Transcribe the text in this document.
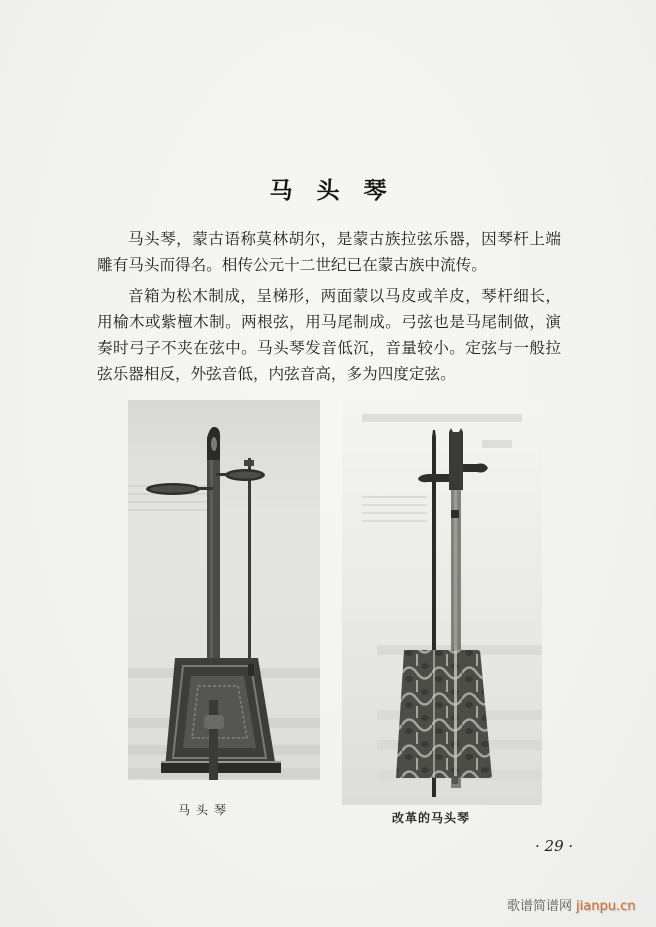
马头琴

马头琴，蒙古语称莫林胡尔，是蒙古族拉弦乐器，因琴杆上端雕有马头而得名。相传公元十二世纪已在蒙古族中流传。

音箱为松木制成，呈梯形，两面蒙以马皮或羊皮，琴杆细长，用榆木或紫檀木制。两根弦，用马尾制成。弓弦也是马尾制做，演奏时弓子不夹在弦中。马头琴发音低沉，音量较小。定弦与一般拉弦乐器相反，外弦音低，内弦音高，多为四度定弦。

马头琴
改革的马头琴
· 29 ·
歌谱简谱网 jianpu.cn
